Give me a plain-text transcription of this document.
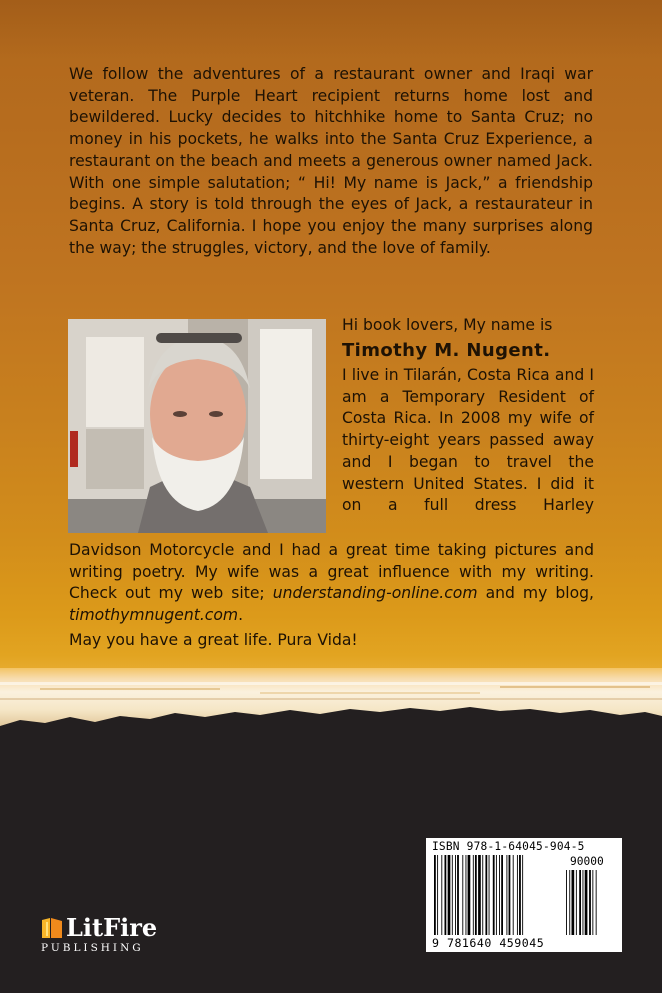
We follow the adventures of a restaurant owner and Iraqi war veteran. The Purple Heart recipient returns home lost and bewildered. Lucky decides to hitchhike home to Santa Cruz; no money in his pockets, he walks into the Santa Cruz Experience, a restaurant on the beach and meets a generous owner named Jack. With one simple salutation; “ Hi! My name is Jack,” a friendship begins. A story is told through the eyes of Jack, a restaurateur in Santa Cruz, California. I hope you enjoy the many surprises along the way; the struggles, victory, and the love of family.

Hi book lovers, My name is
Timothy M. Nugent.

I live in Tilarán, Costa Rica and I am a Temporary Resident of Costa Rica. In 2008 my wife of thirty-eight years passed away and I began to travel the western United States. I did it on a full dress Harley

Davidson Motorcycle and I had a great time taking pictures and writing poetry. My wife was a great influence with my writing. Check out my web site; understanding-online.com and my blog, timothymnugent.com.

May you have a great life. Pura Vida!

LitFire

PUBLISHING

ISBN 978-1-64045-904-5

90000

9 781640 459045
